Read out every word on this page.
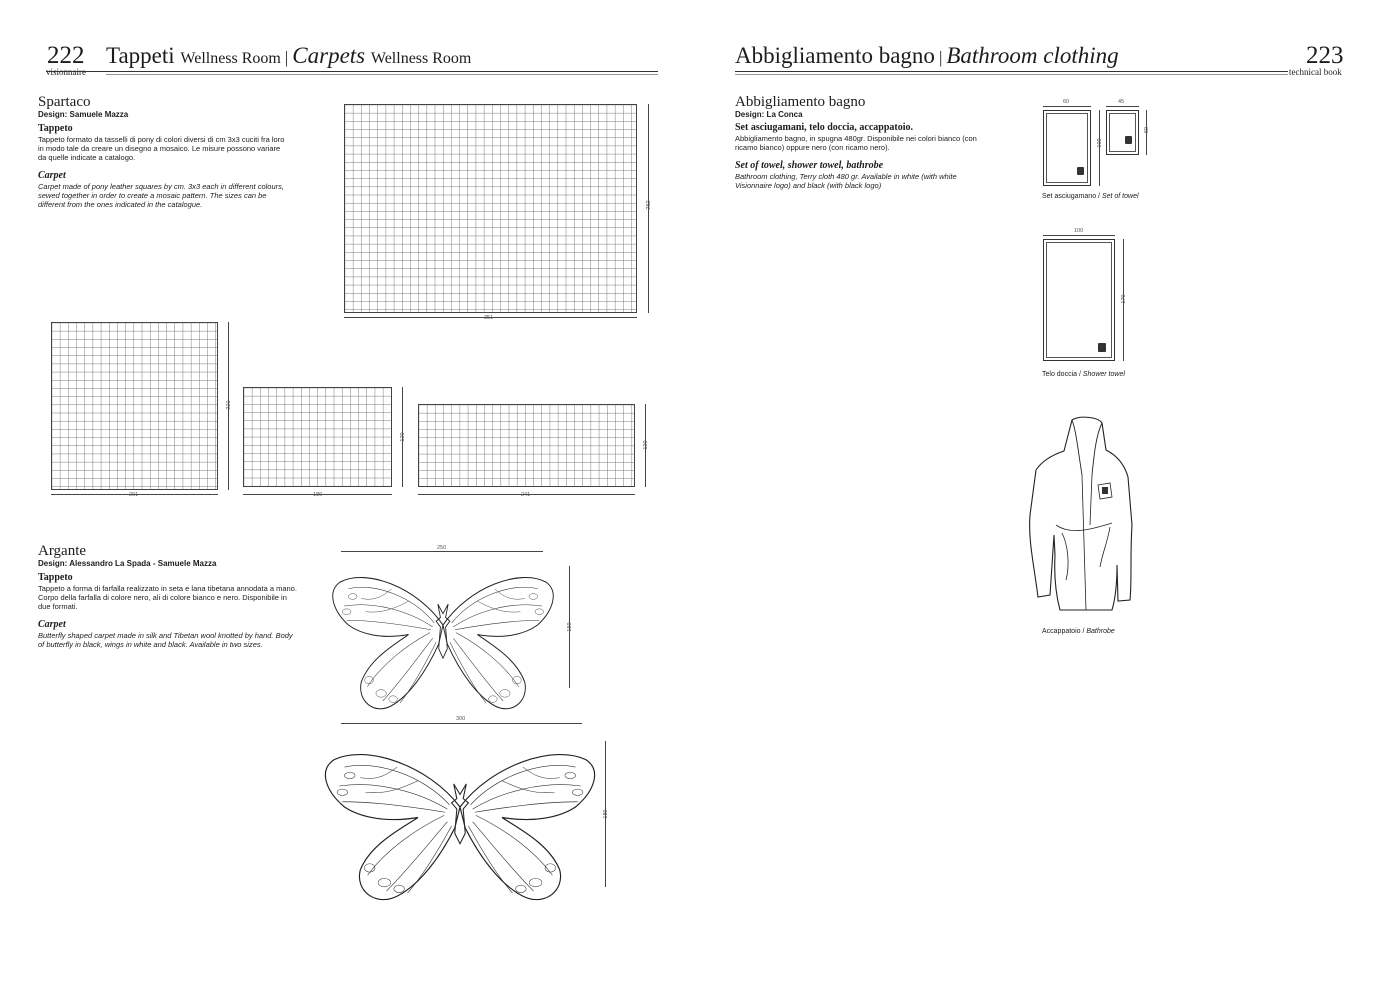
222
visionnaire
Tappeti Wellness Room | Carpets Wellness Room	Abbigliamento bagno | Bathroom clothing	223
technical book
Spartaco
Design: Samuele Mazza
Tappeto
Tappeto formato da tasselli di pony di colori diversi di cm 3x3 cuciti fra loro in modo tale da creare un disegno a mosaico. Le misure possono variare da quelle indicate a catalogo.
Carpet
Carpet made of pony leather squares by cm. 3x3 each in different colours, sewed together in order to create a mosaic pattern. The sizes can be different from the ones indicated in the catalogue.
351
252
201
221
180
120
241
120
Argante
Design: Alessandro La Spada - Samuele Mazza
Tappeto
Tappeto a forma di farfalla realizzato in seta e lana tibetana annodata a mano. Corpo della farfalla di colore nero, ali di colore bianco e nero. Disponibile in due formati.
Carpet
Butterfly shaped carpet made in silk and Tibetan wool knotted by hand. Body of butterfly in black, wings in white and black. Available in two sizes.
250
150
300
180
Abbigliamento bagno
Design: La Conca
Set asciugamani, telo doccia, accappatoio.
Abbigliamento bagno, in spugna 480gr. Disponibile nei colori bianco (con ricamo bianco) oppure nero (con ricamo nero).
Set of towel, shower towel, bathrobe
Bathroom clothing, Terry cloth 480 gr. Available in white (with white Visionnaire logo) and black (with black logo)
60
100
45
60
Set asciugamano / Set of towel
100
170
Telo doccia / Shower towel
Accappatoio / Bathrobe
